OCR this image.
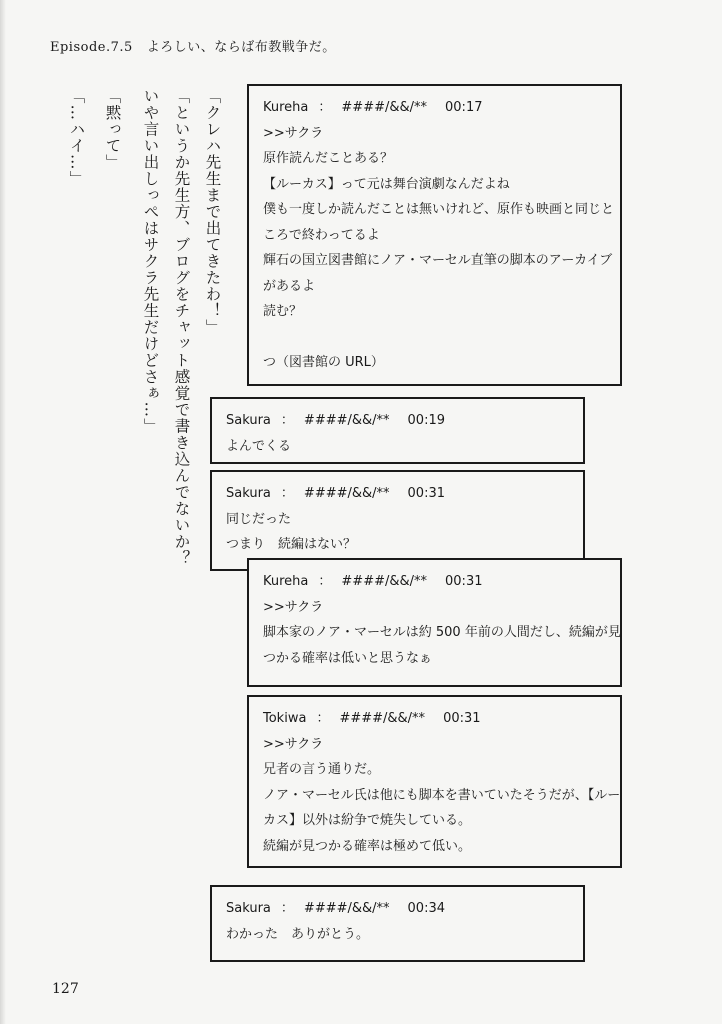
Episode.7.5 よろしい、ならば布教戦争だ。
「クレハ先生まで出てきたわ！」
「というか先生方、ブログをチャット感覚で書き込んでないか？
いや言い出しっぺはサクラ先生だけどさぁ…」
「黙って」
「…ハイ…」	Kureha ： ####/&&/** 00:17
>>サクラ
原作読んだことある？
【ルーカス】って元は舞台演劇なんだよね
僕も一度しか読んだことは無いけれど、原作も映画と同じと
ころで終わってるよ
輝石の国立図書館にノア・マーセル直筆の脚本のアーカイブ
があるよ
読む？
つ（図書館の URL）
Sakura ： ####/&&/** 00:19
よんでくる
Sakura ： ####/&&/** 00:31
同じだった
つまり　続編はない？
Kureha ： ####/&&/** 00:31
>>サクラ
脚本家のノア・マーセルは約 500 年前の人間だし、続編が見
つかる確率は低いと思うなぁ
Tokiwa ： ####/&&/** 00:31
>>サクラ
兄者の言う通りだ。
ノア・マーセル氏は他にも脚本を書いていたそうだが、【ルー
カス】以外は紛争で焼失している。
続編が見つかる確率は極めて低い。
Sakura ： ####/&&/** 00:34
わかった　ありがとう。
127
